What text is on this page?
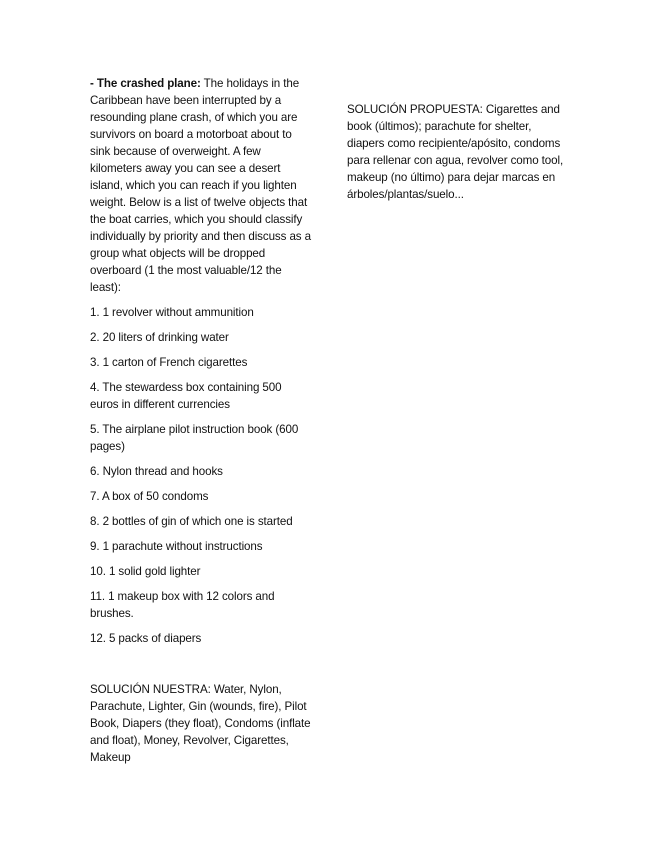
- The crashed plane: The holidays in the Caribbean have been interrupted by a resounding plane crash, of which you are survivors on board a motorboat about to sink because of overweight. A few kilometers away you can see a desert island, which you can reach if you lighten weight. Below is a list of twelve objects that the boat carries, which you should classify individually by priority and then discuss as a group what objects will be dropped overboard (1 the most valuable/12 the least):

1. 1 revolver without ammunition

2. 20 liters of drinking water

3. 1 carton of French cigarettes

4. The stewardess box containing 500 euros in different currencies

5. The airplane pilot instruction book (600 pages)

6. Nylon thread and hooks

7. A box of 50 condoms

8. 2 bottles of gin of which one is started

9. 1 parachute without instructions

10. 1 solid gold lighter

11. 1 makeup box with 12 colors and brushes.

12. 5 packs of diapers

SOLUCIÓN NUESTRA: Water, Nylon, Parachute, Lighter, Gin (wounds, fire), Pilot Book, Diapers (they float), Condoms (inflate and float), Money, Revolver, Cigarettes, Makeup

SOLUCIÓN PROPUESTA: Cigarettes and book (últimos); parachute for shelter, diapers como recipiente/apósito, condoms para rellenar con agua, revolver como tool, makeup (no último) para dejar marcas en árboles/plantas/suelo...
